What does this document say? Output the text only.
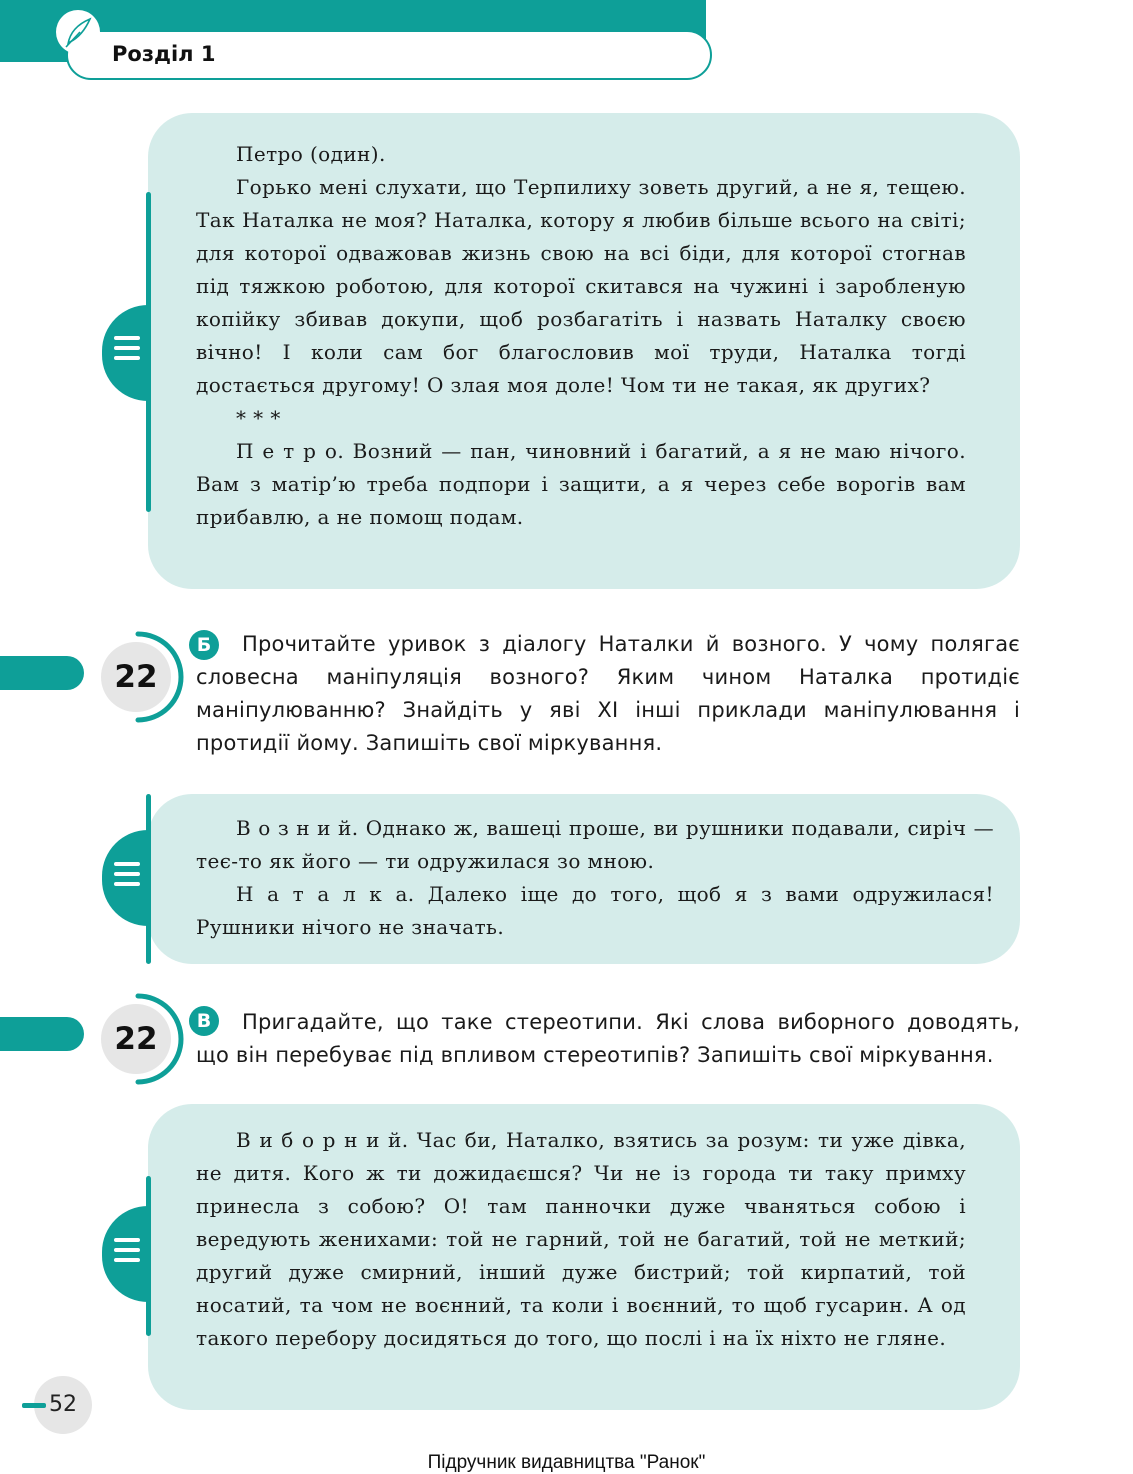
Розділ 1

Петро (один).

Горько мені слухати, що Терпилиху зоветь другий, а не я, тещею. Так Наталка не моя? Наталка, котору я любив більше всього на світі; для которої одважовав жизнь свою на всі біди, для которої стогнав під тяжкою роботою, для которої скитався на чужині і заробленую копійку збивав докупи, щоб розбагатіть і назвать Наталку своєю вічно! І коли сам бог благословив мої труди, Наталка тогді достається другому! О злая моя доле! Чом ти не такая, як других?

* * *

П е т р о. Возний — пан, чиновний і багатий, а я не маю нічого. Вам з матір’ю треба подпори і защити, а я через себе ворогів вам прибавлю, а не помощ подам.

22
Б	Прочитайте уривок з діалогу Наталки й возного. У чому полягає словесна маніпуляція возного? Яким чином Наталка протидіє маніпулюванню? Знайдіть у яві XI інші приклади маніпулювання і протидії йому. Запишіть свої міркування.

В о з н и й. Однако ж, вашеці проше, ви рушники подавали, сиріч — теє-то як його — ти одружилася зо мною.

Н а т а л к а. Далеко іще до того, щоб я з вами одружилася! Рушники нічого не значать.

22	В	Пригадайте, що таке стереотипи. Які слова виборного доводять, що він перебуває під впливом стереотипів? Запишіть свої міркування.

В и б о р н и й. Час би, Наталко, взятись за розум: ти уже дівка, не дитя. Кого ж ти дожидаєшся? Чи не із города ти таку примху принесла з собою? О! там панночки дуже чваняться собою і вередують женихами: той не гарний, той не багатий, той не меткий; другий дуже смирний, інший дуже бистрий; той кирпатий, той носатий, та чом не воєнний, та коли і воєнний, то щоб гусарин. А од такого перебору досидяться до того, що послі і на їх ніхто не гляне.

52
Підручник видавництва "Ранок"
